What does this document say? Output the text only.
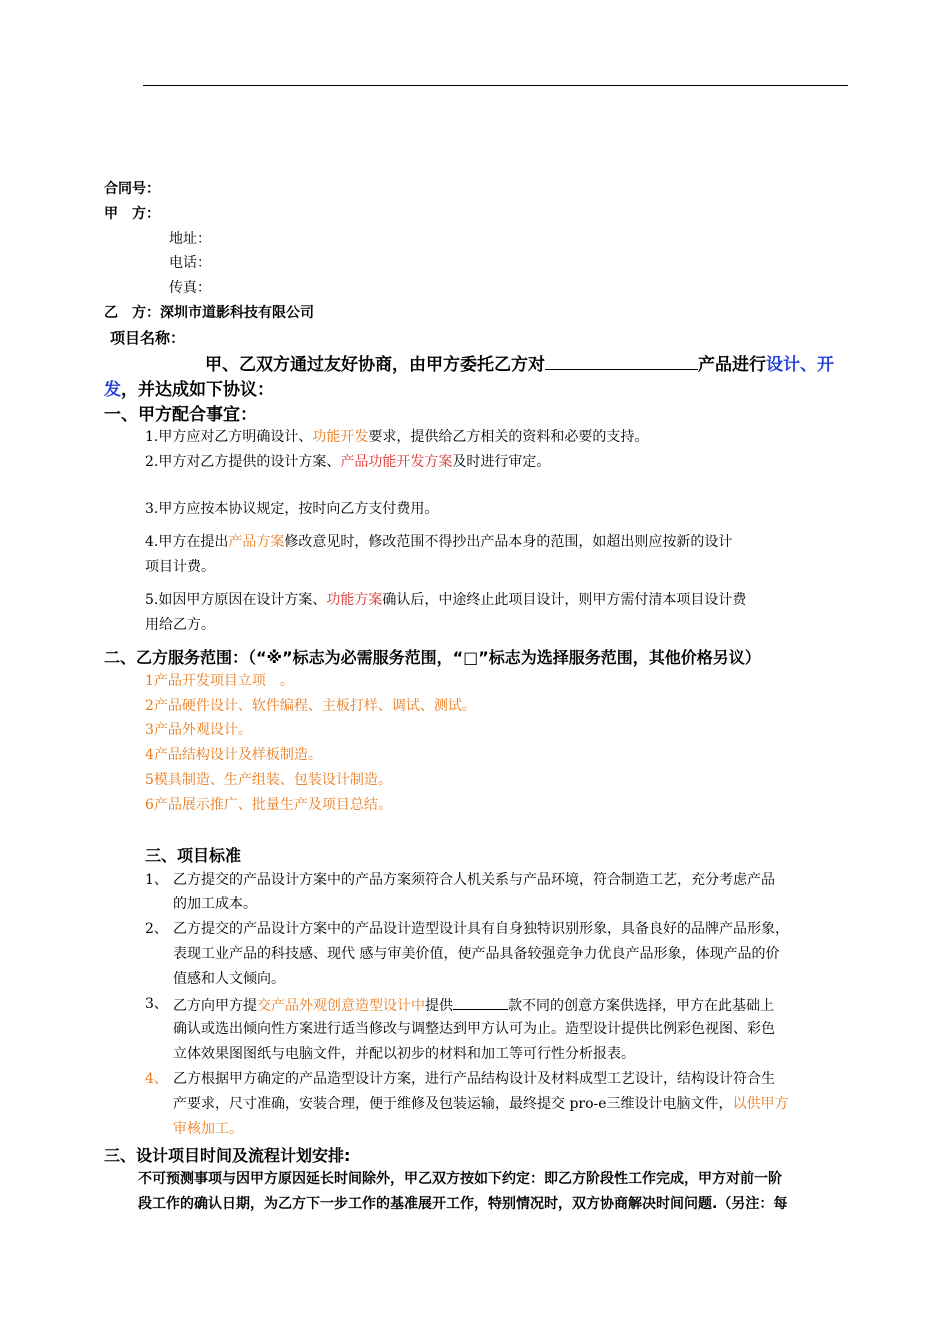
合同号：
甲　方：
地址：
电话：
传真：
乙　方：深圳市道影科技有限公司
项目名称：
甲、乙双方通过友好协商，由甲方委托乙方对	产品进行设计、开
发，并达成如下协议：
一、甲方配合事宜：
1.甲方应对乙方明确设计、功能开发要求，提供给乙方相关的资料和必要的支持。
2.甲方对乙方提供的设计方案、产品功能开发方案及时进行审定。
3.甲方应按本协议规定，按时向乙方支付费用。
4.甲方在提出产品方案修改意见时，修改范围不得抄出产品本身的范围，如超出则应按新的设计
项目计费。
5.如因甲方原因在设计方案、功能方案确认后，中途终止此项目设计，则甲方需付清本项目设计费
用给乙方。
二、乙方服务范围：（“※”标志为必需服务范围，“□”标志为选择服务范围，其他价格另议）
1产品开发项目立项　。
2产品硬件设计、软件编程、主板打样、调试、测试。
3产品外观设计。
4产品结构设计及样板制造。
5模具制造、生产组装、包装设计制造。
6产品展示推广、批量生产及项目总结。
三、项目标准
1、 乙方提交的产品设计方案中的产品方案须符合人机关系与产品环境，符合制造工艺，充分考虑产品
的加工成本。
2、 乙方提交的产品设计方案中的产品设计造型设计具有自身独特识别形象，具备良好的品牌产品形象，
表现工业产品的科技感、现代 感与审美价值，使产品具备较强竞争力优良产品形象，体现产品的价
值感和人文倾向。
3、 乙方向甲方提交产品外观创意造型设计中提供	款不同的创意方案供选择，甲方在此基础上
确认或选出倾向性方案进行适当修改与调整达到甲方认可为止。造型设计提供比例彩色视图、彩色
立体效果图图纸与电脑文件，并配以初步的材料和加工等可行性分析报表。
4、 乙方根据甲方确定的产品造型设计方案，进行产品结构设计及材料成型工艺设计，结构设计符合生
产要求，尺寸准确，安装合理，便于维修及包装运输，最终提交 pro-e三维设计电脑文件，以供甲方
审核加工。
三、设计项目时间及流程计划安排:
不可预测事项与因甲方原因延长时间除外，甲乙双方按如下约定：即乙方阶段性工作完成，甲方对前一阶
段工作的确认日期，为乙方下一步工作的基准展开工作，特别情况时，双方协商解决时间问题.（另注：每
